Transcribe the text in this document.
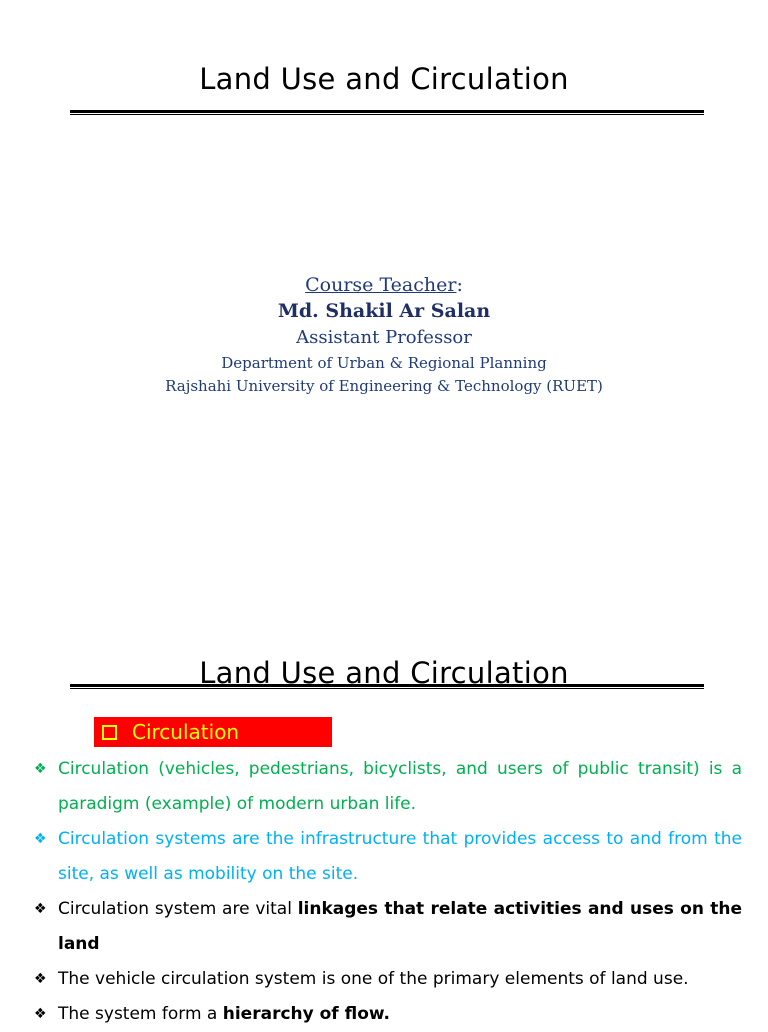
Land Use and Circulation
Course Teacher:
Md. Shakil Ar Salan
Assistant Professor
Department of Urban & Regional Planning
Rajshahi University of Engineering & Technology (RUET)
Land Use and Circulation
Circulation
❖ Circulation (vehicles, pedestrians, bicyclists, and users of public transit) is a paradigm (example) of modern urban life.
❖ Circulation systems are the infrastructure that provides access to and from the site, as well as mobility on the site.
❖ Circulation system are vital linkages that relate activities and uses on the land
❖ The vehicle circulation system is one of the primary elements of land use.
❖ The system form a hierarchy of flow.
